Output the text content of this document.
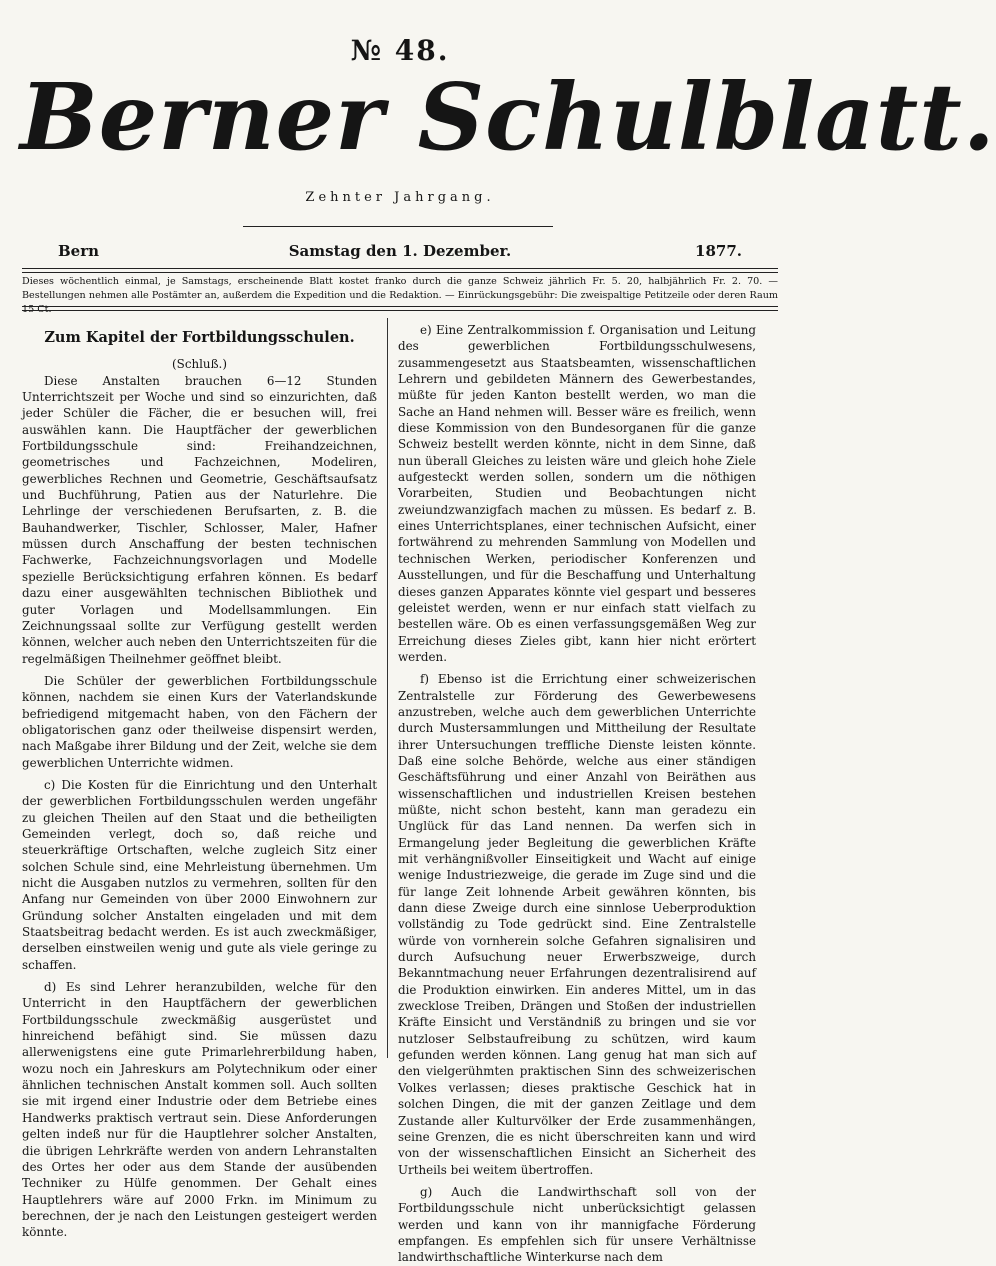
№ 48.
Berner Schulblatt.
Zehnter Jahrgang.
Bern	Samstag den 1. Dezember.	1877.
Dieses wöchentlich einmal, je Samstags, erscheinende Blatt kostet franko durch die ganze Schweiz jährlich Fr. 5. 20, halbjährlich Fr. 2. 70. — Bestellungen nehmen alle Postämter an, außerdem die Expedition und die Redaktion. — Einrückungsgebühr: Die zweispaltige Petitzeile oder deren Raum 15 Ct.
Zum Kapitel der Fortbildungsschulen.
(Schluß.)

Diese Anstalten brauchen 6—12 Stunden Unterrichtszeit per Woche und sind so einzurichten, daß jeder Schüler die Fächer, die er besuchen will, frei auswählen kann. Die Hauptfächer der gewerblichen Fortbildungsschule sind: Freihandzeichnen, geometrisches und Fachzeichnen, Modeliren, gewerbliches Rechnen und Geometrie, Geschäftsaufsatz und Buchführung, Patien aus der Naturlehre. Die Lehrlinge der verschiedenen Berufsarten, z. B. die Bauhandwerker, Tischler, Schlosser, Maler, Hafner müssen durch Anschaffung der besten technischen Fachwerke, Fachzeichnungsvorlagen und Modelle spezielle Berücksichtigung erfahren können. Es bedarf dazu einer ausgewählten technischen Bibliothek und guter Vorlagen und Modellsammlungen. Ein Zeichnungssaal sollte zur Verfügung gestellt werden können, welcher auch neben den Unterrichtszeiten für die regelmäßigen Theilnehmer geöffnet bleibt.

Die Schüler der gewerblichen Fortbildungsschule können, nachdem sie einen Kurs der Vaterlandskunde befriedigend mitgemacht haben, von den Fächern der obligatorischen ganz oder theilweise dispensirt werden, nach Maßgabe ihrer Bildung und der Zeit, welche sie dem gewerblichen Unterrichte widmen.

c) Die Kosten für die Einrichtung und den Unterhalt der gewerblichen Fortbildungsschulen werden ungefähr zu gleichen Theilen auf den Staat und die betheiligten Gemeinden verlegt, doch so, daß reiche und steuerkräftige Ortschaften, welche zugleich Sitz einer solchen Schule sind, eine Mehrleistung übernehmen. Um nicht die Ausgaben nutzlos zu vermehren, sollten für den Anfang nur Gemeinden von über 2000 Einwohnern zur Gründung solcher Anstalten eingeladen und mit dem Staatsbeitrag bedacht werden. Es ist auch zweckmäßiger, derselben einstweilen wenig und gute als viele geringe zu schaffen.

d) Es sind Lehrer heranzubilden, welche für den Unterricht in den Hauptfächern der gewerblichen Fortbildungsschule zweckmäßig ausgerüstet und hinreichend befähigt sind. Sie müssen dazu allerwenigstens eine gute Primarlehrerbildung haben, wozu noch ein Jahreskurs am Polytechnikum oder einer ähnlichen technischen Anstalt kommen soll. Auch sollten sie mit irgend einer Industrie oder dem Betriebe eines Handwerks praktisch vertraut sein. Diese Anforderungen gelten indeß nur für die Hauptlehrer solcher Anstalten, die übrigen Lehrkräfte werden von andern Lehranstalten des Ortes her oder aus dem Stande der ausübenden Techniker zu Hülfe genommen. Der Gehalt eines Hauptlehrers wäre auf 2000 Frkn. im Minimum zu berechnen, der je nach den Leistungen gesteigert werden könnte.

e) Eine Zentralkommission f. Organisation und Leitung des gewerblichen Fortbildungsschulwesens, zusammengesetzt aus Staatsbeamten, wissenschaftlichen Lehrern und gebildeten Männern des Gewerbestandes, müßte für jeden Kanton bestellt werden, wo man die Sache an Hand nehmen will. Besser wäre es freilich, wenn diese Kommission von den Bundesorganen für die ganze Schweiz bestellt werden könnte, nicht in dem Sinne, daß nun überall Gleiches zu leisten wäre und gleich hohe Ziele aufgesteckt werden sollen, sondern um die nöthigen Vorarbeiten, Studien und Beobachtungen nicht zweiundzwanzigfach machen zu müssen. Es bedarf z. B. eines Unterrichtsplanes, einer technischen Aufsicht, einer fortwährend zu mehrenden Sammlung von Modellen und technischen Werken, periodischer Konferenzen und Ausstellungen, und für die Beschaffung und Unterhaltung dieses ganzen Apparates könnte viel gespart und besseres geleistet werden, wenn er nur einfach statt vielfach zu bestellen wäre. Ob es einen verfassungsgemäßen Weg zur Erreichung dieses Zieles gibt, kann hier nicht erörtert werden.

f) Ebenso ist die Errichtung einer schweizerischen Zentralstelle zur Förderung des Gewerbewesens anzustreben, welche auch dem gewerblichen Unterrichte durch Mustersammlungen und Mittheilung der Resultate ihrer Untersuchungen treffliche Dienste leisten könnte. Daß eine solche Behörde, welche aus einer ständigen Geschäftsführung und einer Anzahl von Beiräthen aus wissenschaftlichen und industriellen Kreisen bestehen müßte, nicht schon besteht, kann man geradezu ein Unglück für das Land nennen. Da werfen sich in Ermangelung jeder Begleitung die gewerblichen Kräfte mit verhängnißvoller Einseitigkeit und Wacht auf einige wenige Industriezweige, die gerade im Zuge sind und die für lange Zeit lohnende Arbeit gewähren könnten, bis dann diese Zweige durch eine sinnlose Ueberproduktion vollständig zu Tode gedrückt sind. Eine Zentralstelle würde von vornherein solche Gefahren signalisiren und durch Aufsuchung neuer Erwerbszweige, durch Bekanntmachung neuer Erfahrungen dezentralisirend auf die Produktion einwirken. Ein anderes Mittel, um in das zwecklose Treiben, Drängen und Stoßen der industriellen Kräfte Einsicht und Verständniß zu bringen und sie vor nutzloser Selbstaufreibung zu schützen, wird kaum gefunden werden können. Lang genug hat man sich auf den vielgerühmten praktischen Sinn des schweizerischen Volkes verlassen; dieses praktische Geschick hat in solchen Dingen, die mit der ganzen Zeitlage und dem Zustande aller Kulturvölker der Erde zusammenhängen, seine Grenzen, die es nicht überschreiten kann und wird von der wissenschaftlichen Einsicht an Sicherheit des Urtheils bei weitem übertroffen.

g) Auch die Landwirthschaft soll von der Fortbildungsschule nicht unberücksichtigt gelassen werden und kann von ihr mannigfache Förderung empfangen. Es empfehlen sich für unsere Verhältnisse landwirthschaftliche Winterkurse nach dem
